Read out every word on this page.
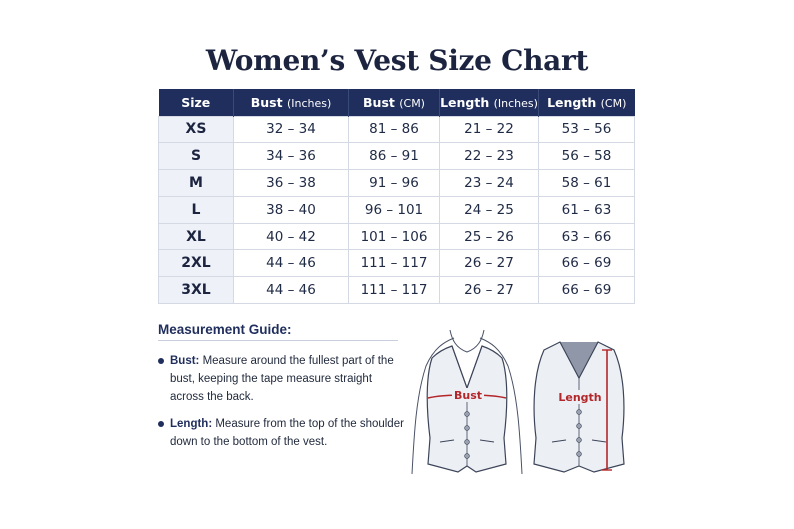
Women’s Vest Size Chart
Size	Bust (Inches)	Bust (CM)	Length (Inches)	Length (CM)
XS	32 – 34	81 – 86	21 – 22	53 – 56
S	34 – 36	86 – 91	22 – 23	56 – 58
M	36 – 38	91 – 96	23 – 24	58 – 61
L	38 – 40	96 – 101	24 – 25	61 – 63
XL	40 – 42	101 – 106	25 – 26	63 – 66
2XL	44 – 46	111 – 117	26 – 27	66 – 69
3XL	44 – 46	111 – 117	26 – 27	66 – 69
Measurement Guide:
Bust: Measure around the fullest part of the bust, keeping the tape measure straight across the back.
Length: Measure from the top of the shoulder down to the bottom of the vest.
Bust	Length
